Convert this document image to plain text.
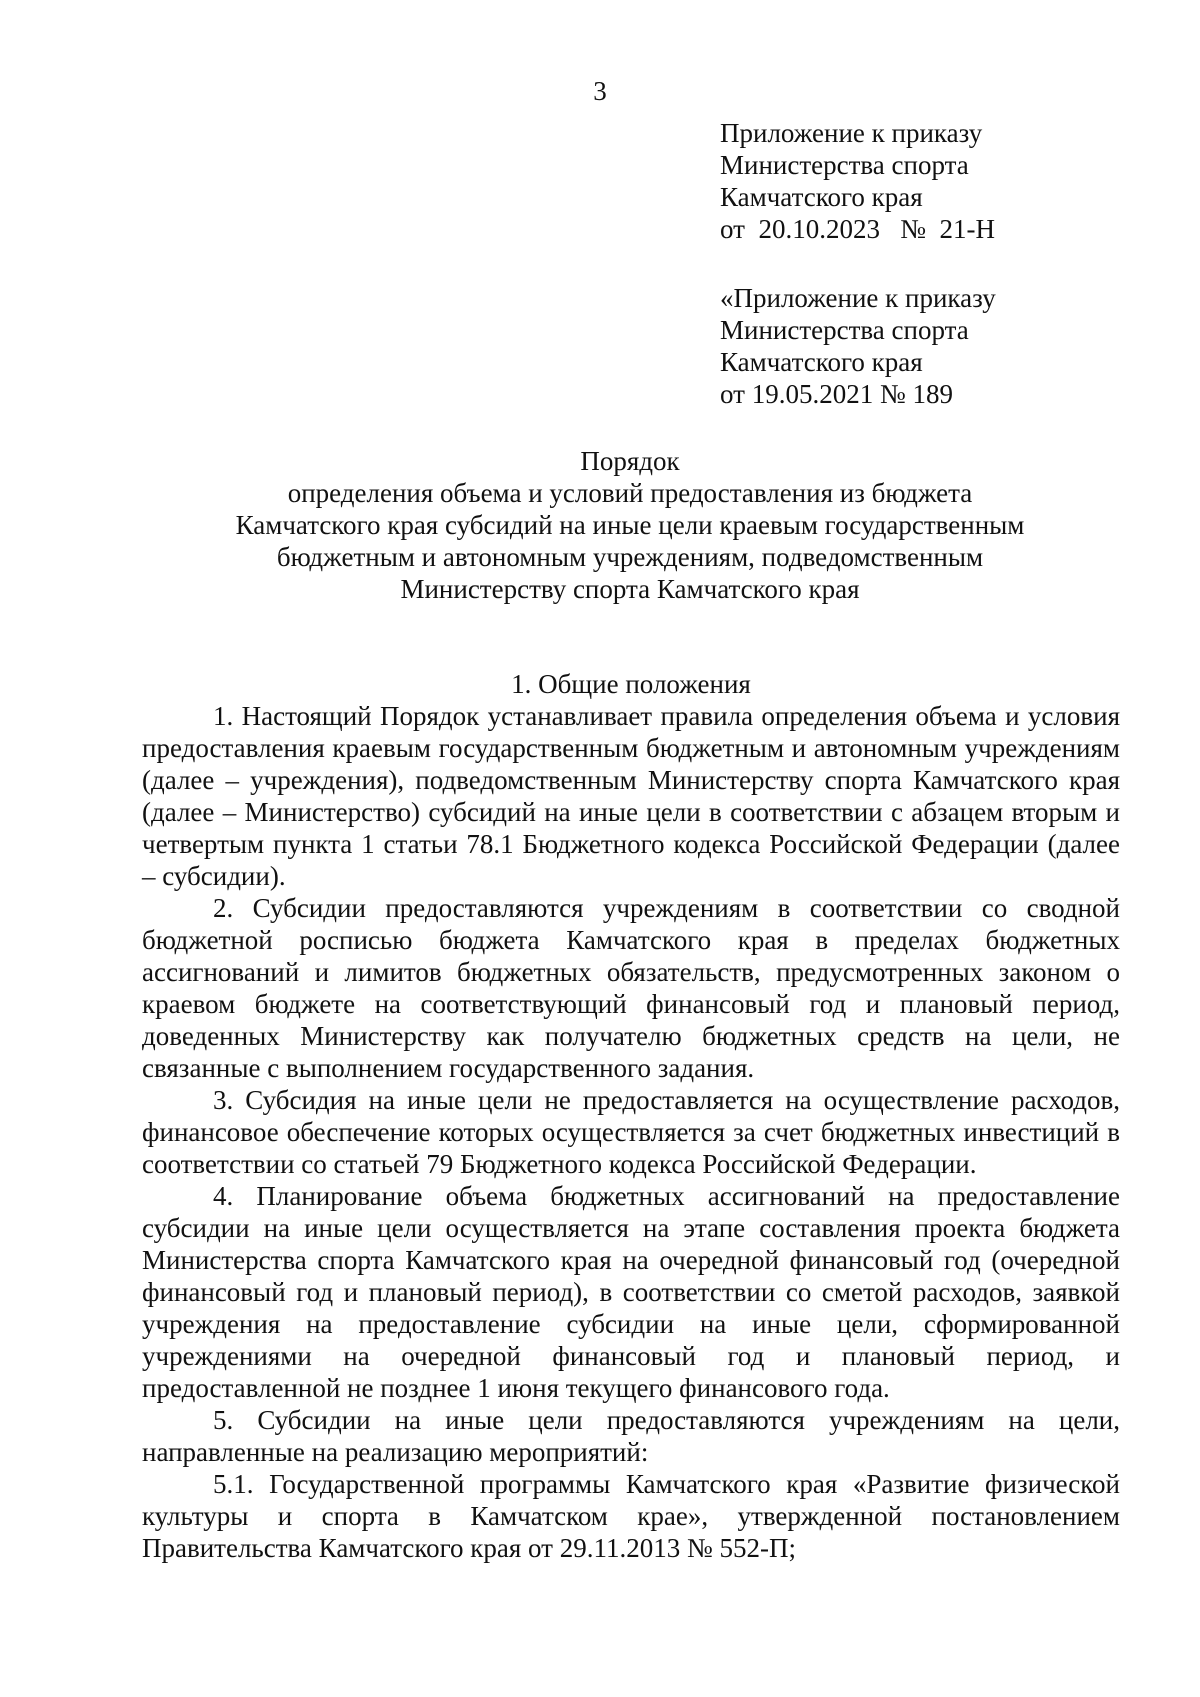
3
Приложение к приказу
Министерства спорта
Камчатского края
от  20.10.2023   №  21-Н
«Приложение к приказу
Министерства спорта
Камчатского края
от 19.05.2021 № 189
Порядок
определения объема и условий предоставления из бюджета
Камчатского края субсидий на иные цели краевым государственным
бюджетным и автономным учреждениям, подведомственным
Министерству спорта Камчатского края

1. Общие положения

1. Настоящий Порядок устанавливает правила определения объема и условия предоставления краевым государственным бюджетным и автономным учреждениям (далее – учреждения), подведомственным Министерству спорта Камчатского края (далее – Министерство) субсидий на иные цели в соответствии с абзацем вторым и четвертым пункта 1 статьи 78.1 Бюджетного кодекса Российской Федерации (далее – субсидии).

2. Субсидии предоставляются учреждениям в соответствии со сводной бюджетной росписью бюджета Камчатского края в пределах бюджетных ассигнований и лимитов бюджетных обязательств, предусмотренных законом о краевом бюджете на соответствующий финансовый год и плановый период, доведенных Министерству как получателю бюджетных средств на цели, не связанные с выполнением государственного задания.

3. Субсидия на иные цели не предоставляется на осуществление расходов, финансовое обеспечение которых осуществляется за счет бюджетных инвестиций в соответствии со статьей 79 Бюджетного кодекса Российской Федерации.

4. Планирование объема бюджетных ассигнований на предоставление субсидии на иные цели осуществляется на этапе составления проекта бюджета Министерства спорта Камчатского края на очередной финансовый год (очередной финансовый год и плановый период), в соответствии со сметой расходов, заявкой учреждения на предоставление субсидии на иные цели, сформированной учреждениями на очередной финансовый год и плановый период, и предоставленной не позднее 1 июня текущего финансового года.

5. Субсидии на иные цели предоставляются учреждениям на цели, направленные на реализацию мероприятий:

5.1. Государственной программы Камчатского края «Развитие физической культуры и спорта в Камчатском крае», утвержденной постановлением Правительства Камчатского края от 29.11.2013 № 552-П;
